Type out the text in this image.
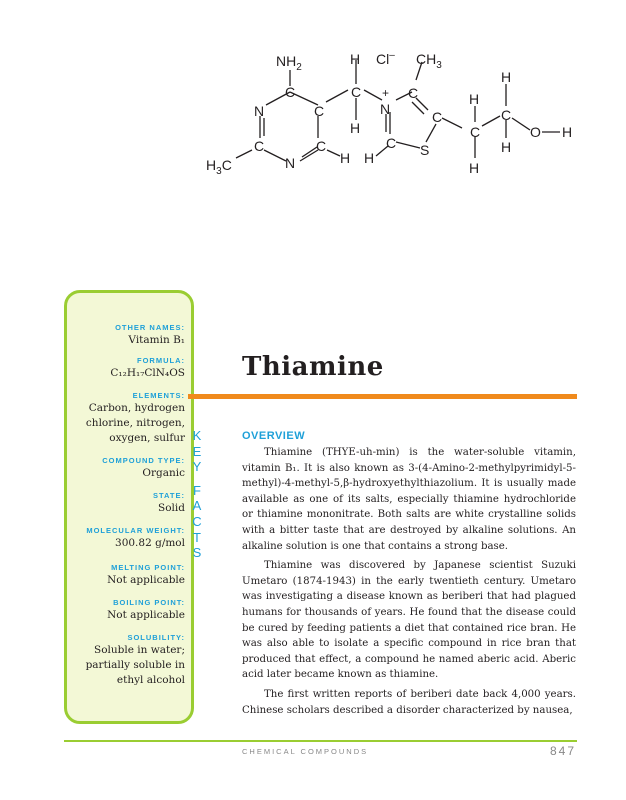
$NH_2$
H Cl– $CH_3$
+
N
C
C	N
C
C
C
C	C
H
C
H
N
C
H
C
S
H
H
H
O H
H
$H_3C$
OTHER NAMES:
Vitamin B₁
FORMULA:
C₁₂H₁₇ClN₄OS
ELEMENTS:
Carbon, hydrogen
chlorine, nitrogen,
oxygen, sulfur
COMPOUND TYPE:
Organic
STATE:
Solid
MOLECULAR WEIGHT:
300.82 g/mol
MELTING POINT:
Not applicable
BOILING POINT:
Not applicable
SOLUBILITY:
Soluble in water;
partially soluble in
ethyl alcohol
K
E
Y
F
A
C
T
S
Thiamine
OVERVIEW

Thiamine (THYE-uh-min) is the water-soluble vitamin, vitamin B₁. It is also known as 3-(4-Amino-2-methylpyrimidyl-5-methyl)-4-methyl-5,β-hydroxyethylthiazolium. It is usually made available as one of its salts, especially thiamine hydrochloride or thiamine mononitrate. Both salts are white crystalline solids with a bitter taste that are destroyed by alkaline solutions. An alkaline solution is one that contains a strong base.

Thiamine was discovered by Japanese scientist Suzuki Umetaro (1874-1943) in the early twentieth century. Umetaro was investigating a disease known as beriberi that had plagued humans for thousands of years. He found that the disease could be cured by feeding patients a diet that contained rice bran. He was also able to isolate a specific compound in rice bran that produced that effect, a compound he named aberic acid. Aberic acid later became known as thiamine.

The first written reports of beriberi date back 4,000 years. Chinese scholars described a disorder characterized by nausea,

CHEMICAL COMPOUNDS	847
